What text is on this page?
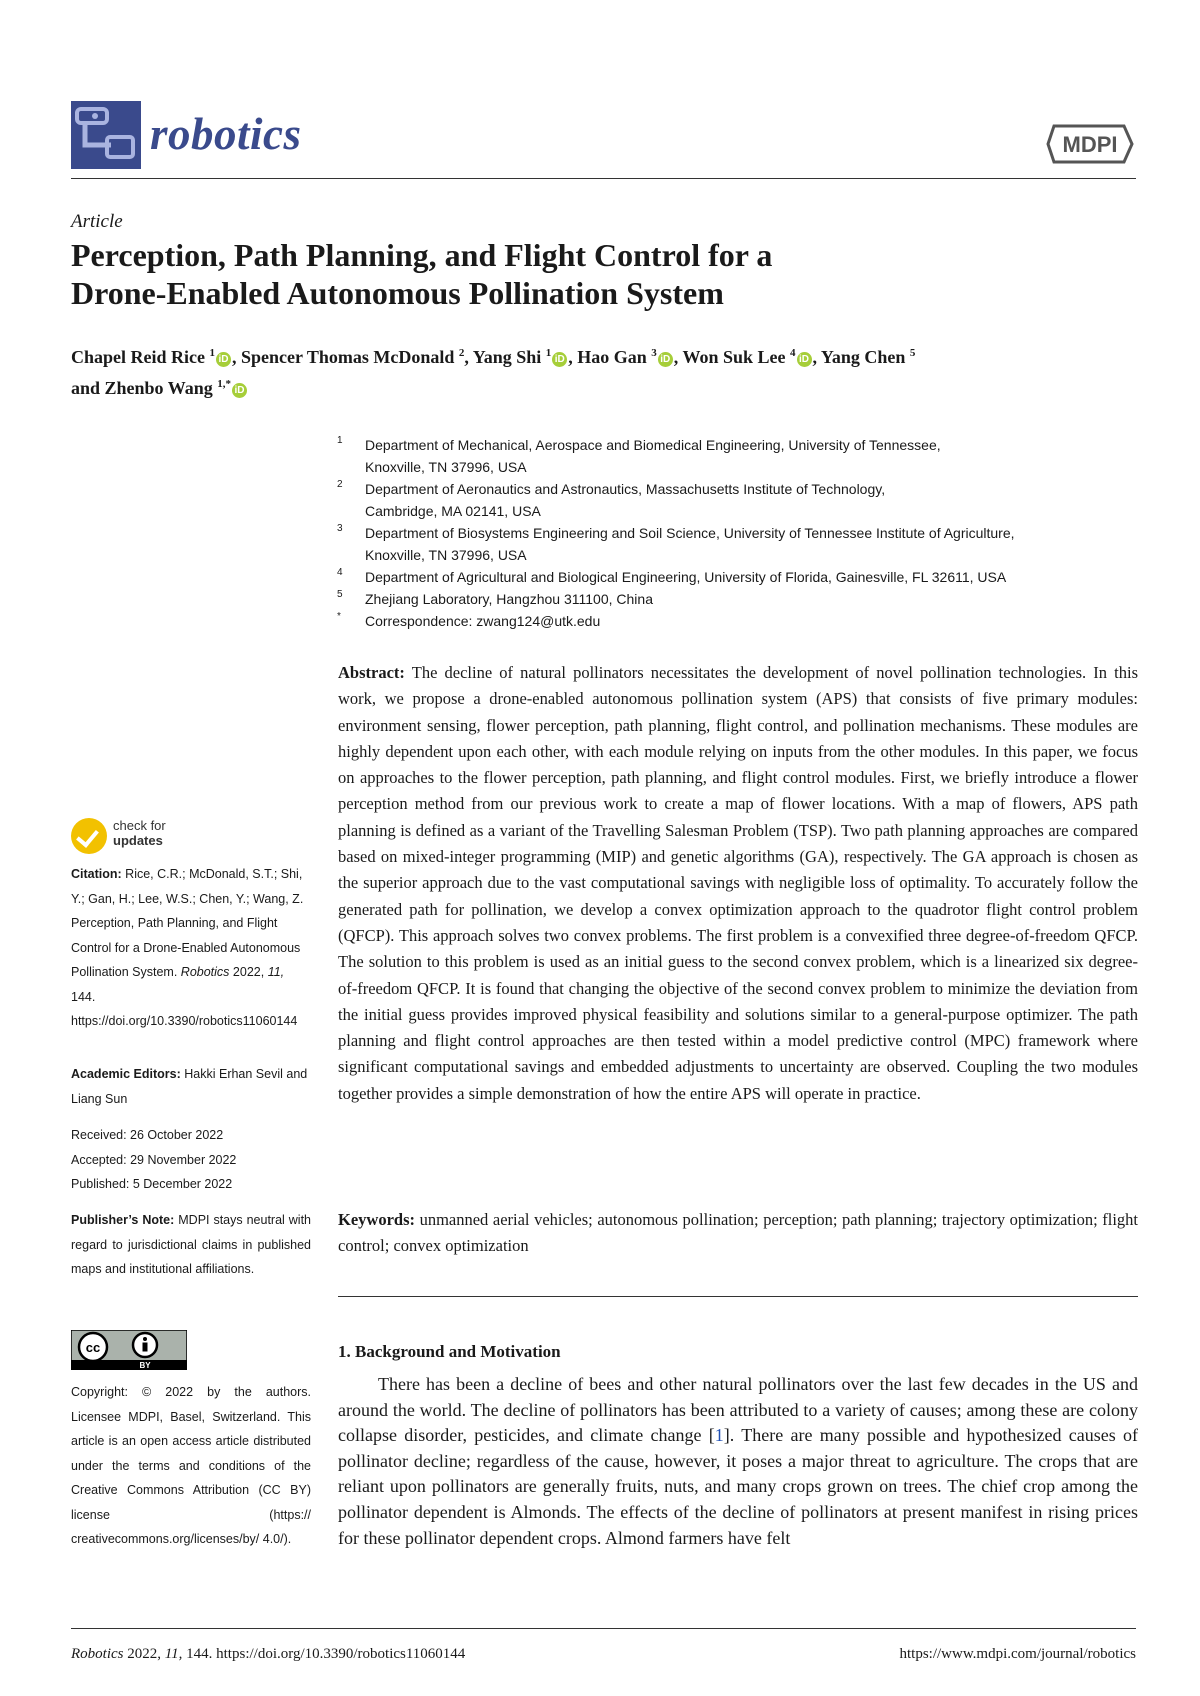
robotics	MDPI
Article
Perception, Path Planning, and Flight Control for a
Drone-Enabled Autonomous Pollination System
Chapel Reid Rice $^1$iD , Spencer Thomas McDonald $^2$, Yang Shi $^1$iD , Hao Gan $^3$iD , Won Suk Lee $^4$iD , Yang Chen $^5$
and Zhenbo Wang $^{1,*}$iD
1 Department of Mechanical, Aerospace and Biomedical Engineering, University of Tennessee,
Knoxville, TN 37996, USA
2 Department of Aeronautics and Astronautics, Massachusetts Institute of Technology,
Cambridge, MA 02141, USA
3 Department of Biosystems Engineering and Soil Science, University of Tennessee Institute of Agriculture,
Knoxville, TN 37996, USA
4 Department of Agricultural and Biological Engineering, University of Florida, Gainesville, FL 32611, USA
5 Zhejiang Laboratory, Hangzhou 311100, China
* Correspondence: zwang124@utk.edu
Abstract: The decline of natural pollinators necessitates the development of novel pollination technologies. In this work, we propose a drone-enabled autonomous pollination system (APS) that consists of five primary modules: environment sensing, flower perception, path planning, flight control, and pollination mechanisms. These modules are highly dependent upon each other, with each module relying on inputs from the other modules. In this paper, we focus on approaches to the flower perception, path planning, and flight control modules. First, we briefly introduce a flower perception method from our previous work to create a map of flower locations. With a map of flowers, APS path planning is defined as a variant of the Travelling Salesman Problem (TSP). Two path planning approaches are compared based on mixed-integer programming (MIP) and genetic algorithms (GA), respectively. The GA approach is chosen as the superior approach due to the vast computational savings with negligible loss of optimality. To accurately follow the generated path for pollination, we develop a convex optimization approach to the quadrotor flight control problem (QFCP). This approach solves two convex problems. The first problem is a convexified three degree-of-freedom QFCP. The solution to this problem is used as an initial guess to the second convex problem, which is a linearized six degree-of-freedom QFCP. It is found that changing the objective of the second convex problem to minimize the deviation from the initial guess provides improved physical feasibility and solutions similar to a general-purpose optimizer. The path planning and flight control approaches are then tested within a model predictive control (MPC) framework where significant computational savings and embedded adjustments to uncertainty are observed. Coupling the two modules together provides a simple demonstration of how the entire APS will operate in practice.
Keywords: unmanned aerial vehicles; autonomous pollination; perception; path planning; trajectory optimization; flight control; convex optimization
1. Background and Motivation
There has been a decline of bees and other natural pollinators over the last few decades in the US and around the world. The decline of pollinators has been attributed to a variety of causes; among these are colony collapse disorder, pesticides, and climate change [1]. There are many possible and hypothesized causes of pollinator decline; regardless of the cause, however, it poses a major threat to agriculture. The crops that are reliant upon pollinators are generally fruits, nuts, and many crops grown on trees. The chief crop among the pollinator dependent is Almonds. The effects of the decline of pollinators at present manifest in rising prices for these pollinator dependent crops. Almond farmers have felt
check for
updates
Citation: Rice, C.R.; McDonald, S.T.; Shi, Y.; Gan, H.; Lee, W.S.; Chen, Y.; Wang, Z. Perception, Path Planning, and Flight Control for a Drone-Enabled Autonomous Pollination System. Robotics 2022, 11, 144. https://doi.org/10.3390/robotics11060144
Academic Editors: Hakki Erhan Sevil and Liang Sun
Received: 26 October 2022
Accepted: 29 November 2022
Published: 5 December 2022
Publisher’s Note: MDPI stays neutral with regard to jurisdictional claims in published maps and institutional affiliations.
cc
BY
Copyright: © 2022 by the authors. Licensee MDPI, Basel, Switzerland. This article is an open access article distributed under the terms and conditions of the Creative Commons Attribution (CC BY) license (https:// creativecommons.org/licenses/by/ 4.0/).
Robotics 2022, 11, 144. https://doi.org/10.3390/robotics11060144	https://www.mdpi.com/journal/robotics
